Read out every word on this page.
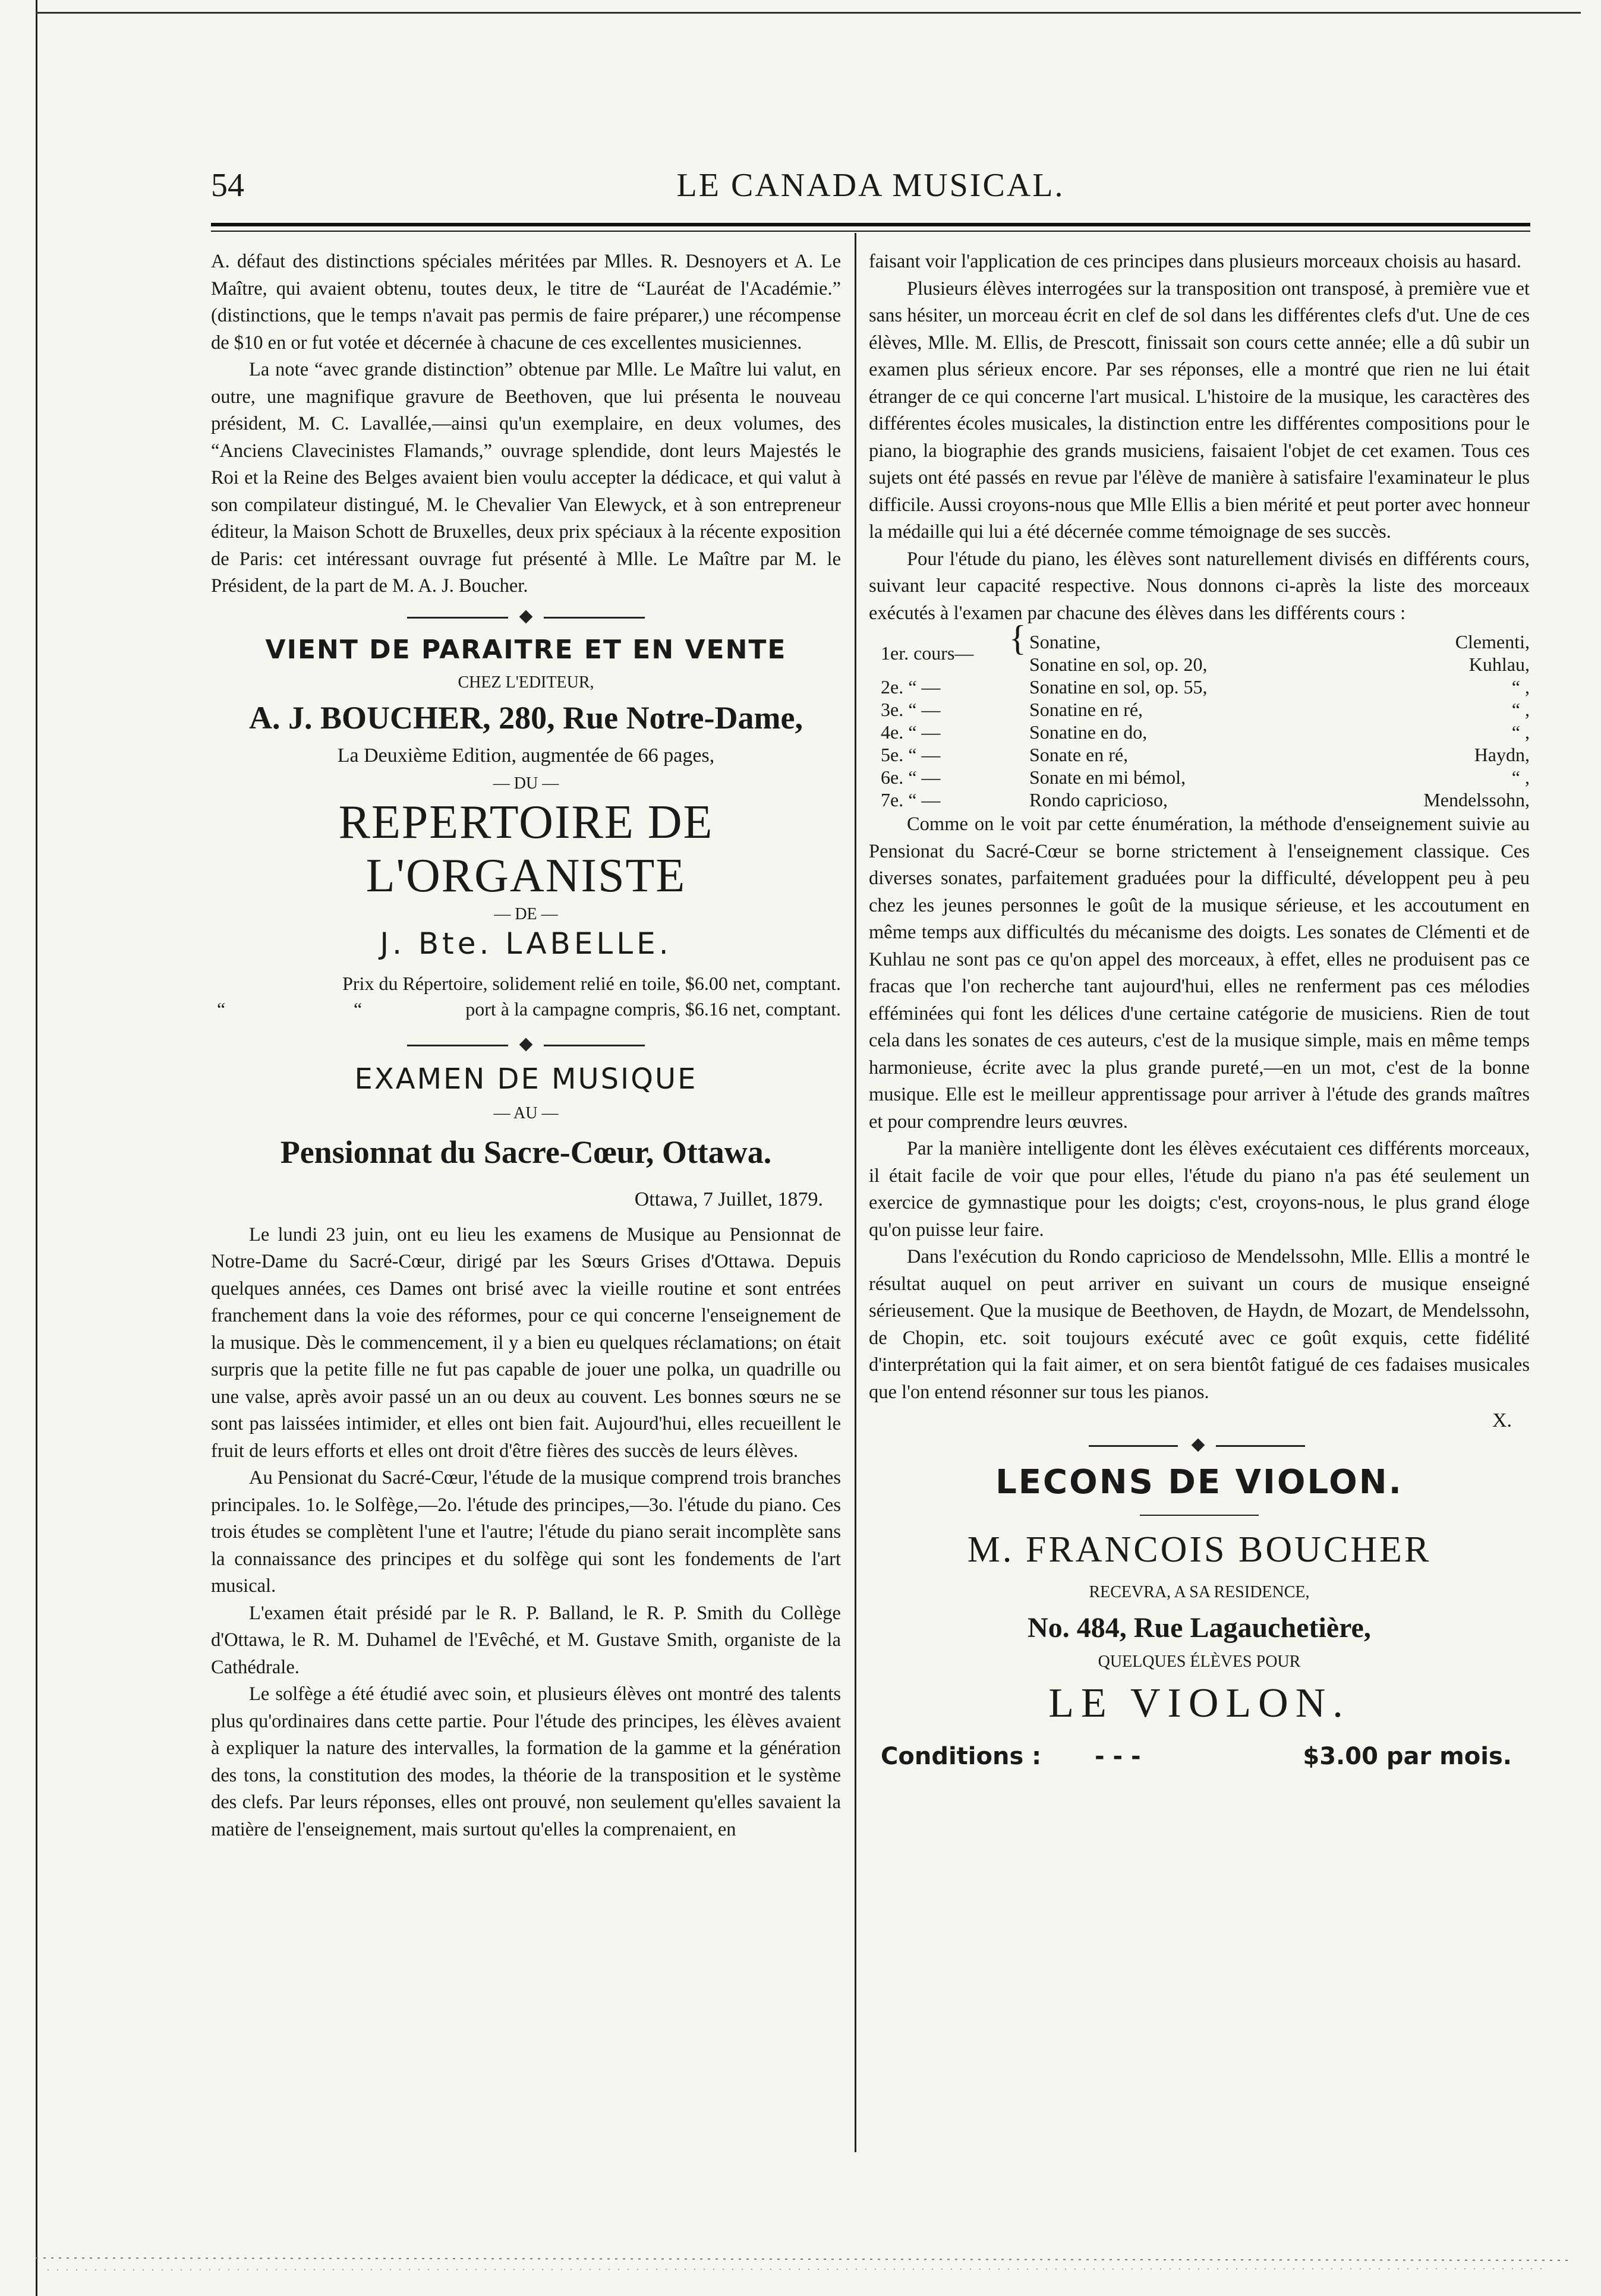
LE CANADA MUSICAL.
54

A. défaut des distinctions spéciales méritées par Mlles. R. Desnoyers et A. Le Maître, qui avaient obtenu, toutes deux, le titre de “Lauréat de l'Académie.” (distinctions, que le temps n'avait pas permis de faire préparer,) une récompense de $10 en or fut votée et décernée à chacune de ces excellentes musiciennes.

La note “avec grande distinction” obtenue par Mlle. Le Maître lui valut, en outre, une magnifique gravure de Beethoven, que lui présenta le nouveau président, M. C. Lavallée,—ainsi qu'un exemplaire, en deux volumes, des “Anciens Clavecinistes Flamands,” ouvrage splendide, dont leurs Majestés le Roi et la Reine des Belges avaient bien voulu accepter la dédicace, et qui valut à son compilateur distingué, M. le Chevalier Van Elewyck, et à son entrepreneur éditeur, la Maison Schott de Bruxelles, deux prix spéciaux à la récente exposition de Paris: cet intéressant ouvrage fut présenté à Mlle. Le Maître par M. le Président, de la part de M. A. J. Boucher.

VIENT DE PARAITRE ET EN VENTE
CHEZ L'EDITEUR,
A. J. BOUCHER, 280, Rue Notre-Dame,
La Deuxième Edition, augmentée de 66 pages,
— DU —
REPERTOIRE DE L'ORGANISTE
— DE —
J. Bte. LABELLE.
Prix du Répertoire, solidement relié en toile, $6.00 net, comptant.
“	“	port à la campagne compris, $6.16 net, comptant.
EXAMEN DE MUSIQUE
— AU —
Pensionnat du Sacre-Cœur, Ottawa.
Ottawa, 7 Juillet, 1879.

Le lundi 23 juin, ont eu lieu les examens de Musique au Pensionnat de Notre-Dame du Sacré-Cœur, dirigé par les Sœurs Grises d'Ottawa. Depuis quelques années, ces Dames ont brisé avec la vieille routine et sont entrées franchement dans la voie des réformes, pour ce qui concerne l'enseignement de la musique. Dès le commencement, il y a bien eu quelques réclamations; on était surpris que la petite fille ne fut pas capable de jouer une polka, un quadrille ou une valse, après avoir passé un an ou deux au couvent. Les bonnes sœurs ne se sont pas laissées intimider, et elles ont bien fait. Aujourd'hui, elles recueillent le fruit de leurs efforts et elles ont droit d'être fières des succès de leurs élèves.

Au Pensionat du Sacré-Cœur, l'étude de la musique comprend trois branches principales. 1o. le Solfège,—2o. l'étude des principes,—3o. l'étude du piano. Ces trois études se complètent l'une et l'autre; l'étude du piano serait incomplète sans la connaissance des principes et du solfège qui sont les fondements de l'art musical.

L'examen était présidé par le R. P. Balland, le R. P. Smith du Collège d'Ottawa, le R. M. Duhamel de l'Evêché, et M. Gustave Smith, organiste de la Cathédrale.

Le solfège a été étudié avec soin, et plusieurs élèves ont montré des talents plus qu'ordinaires dans cette partie. Pour l'étude des principes, les élèves avaient à expliquer la nature des intervalles, la formation de la gamme et la génération des tons, la constitution des modes, la théorie de la transposition et le système des clefs. Par leurs réponses, elles ont prouvé, non seulement qu'elles savaient la matière de l'enseignement, mais surtout qu'elles la comprenaient, en

faisant voir l'application de ces principes dans plusieurs morceaux choisis au hasard.

Plusieurs élèves interrogées sur la transposition ont transposé, à première vue et sans hésiter, un morceau écrit en clef de sol dans les différentes clefs d'ut. Une de ces élèves, Mlle. M. Ellis, de Prescott, finissait son cours cette année; elle a dû subir un examen plus sérieux encore. Par ses réponses, elle a montré que rien ne lui était étranger de ce qui concerne l'art musical. L'histoire de la musique, les caractères des différentes écoles musicales, la distinction entre les différentes compositions pour le piano, la biographie des grands musiciens, faisaient l'objet de cet examen. Tous ces sujets ont été passés en revue par l'élève de manière à satisfaire l'examinateur le plus difficile. Aussi croyons-nous que Mlle Ellis a bien mérité et peut porter avec honneur la médaille qui lui a été décernée comme témoignage de ses succès.

Pour l'étude du piano, les élèves sont naturellement divisés en différents cours, suivant leur capacité respective. Nous donnons ci-après la liste des morceaux exécutés à l'examen par chacune des élèves dans les différents cours :

1er. cours— { Sonatine,	Clementi,
Sonatine en sol, op. 20,	Kuhlau,
2e. “ —	Sonatine en sol, op. 55,	“ ,
3e. “ —	Sonatine en ré,	“ ,
4e. “ —	Sonatine en do,	“ ,
5e. “ —	Sonate en ré,	Haydn,
6e. “ —	Sonate en mi bémol,	“ ,
7e. “ —	Rondo capricioso,	Mendelssohn,

Comme on le voit par cette énumération, la méthode d'enseignement suivie au Pensionat du Sacré-Cœur se borne strictement à l'enseignement classique. Ces diverses sonates, parfaitement graduées pour la difficulté, développent peu à peu chez les jeunes personnes le goût de la musique sérieuse, et les accoutument en même temps aux difficultés du mécanisme des doigts. Les sonates de Clémenti et de Kuhlau ne sont pas ce qu'on appel des morceaux, à effet, elles ne produisent pas ce fracas que l'on recherche tant aujourd'hui, elles ne renferment pas ces mélodies efféminées qui font les délices d'une certaine catégorie de musiciens. Rien de tout cela dans les sonates de ces auteurs, c'est de la musique simple, mais en même temps harmonieuse, écrite avec la plus grande pureté,—en un mot, c'est de la bonne musique. Elle est le meilleur apprentissage pour arriver à l'étude des grands maîtres et pour comprendre leurs œuvres.

Par la manière intelligente dont les élèves exécutaient ces différents morceaux, il était facile de voir que pour elles, l'étude du piano n'a pas été seulement un exercice de gymnastique pour les doigts; c'est, croyons-nous, le plus grand éloge qu'on puisse leur faire.

Dans l'exécution du Rondo capricioso de Mendelssohn, Mlle. Ellis a montré le résultat auquel on peut arriver en suivant un cours de musique enseigné sérieusement. Que la musique de Beethoven, de Haydn, de Mozart, de Mendelssohn, de Chopin, etc. soit toujours exécuté avec ce goût exquis, cette fidélité d'interprétation qui la fait aimer, et on sera bientôt fatigué de ces fadaises musicales que l'on entend résonner sur tous les pianos.

X.
LECONS DE VIOLON.
M. FRANCOIS BOUCHER
RECEVRA, A SA RESIDENCE,
No. 484, Rue Lagauchetière,
QUELQUES ÉLÈVES POUR
LE VIOLON.
Conditions : - - -	$3.00 par mois.
